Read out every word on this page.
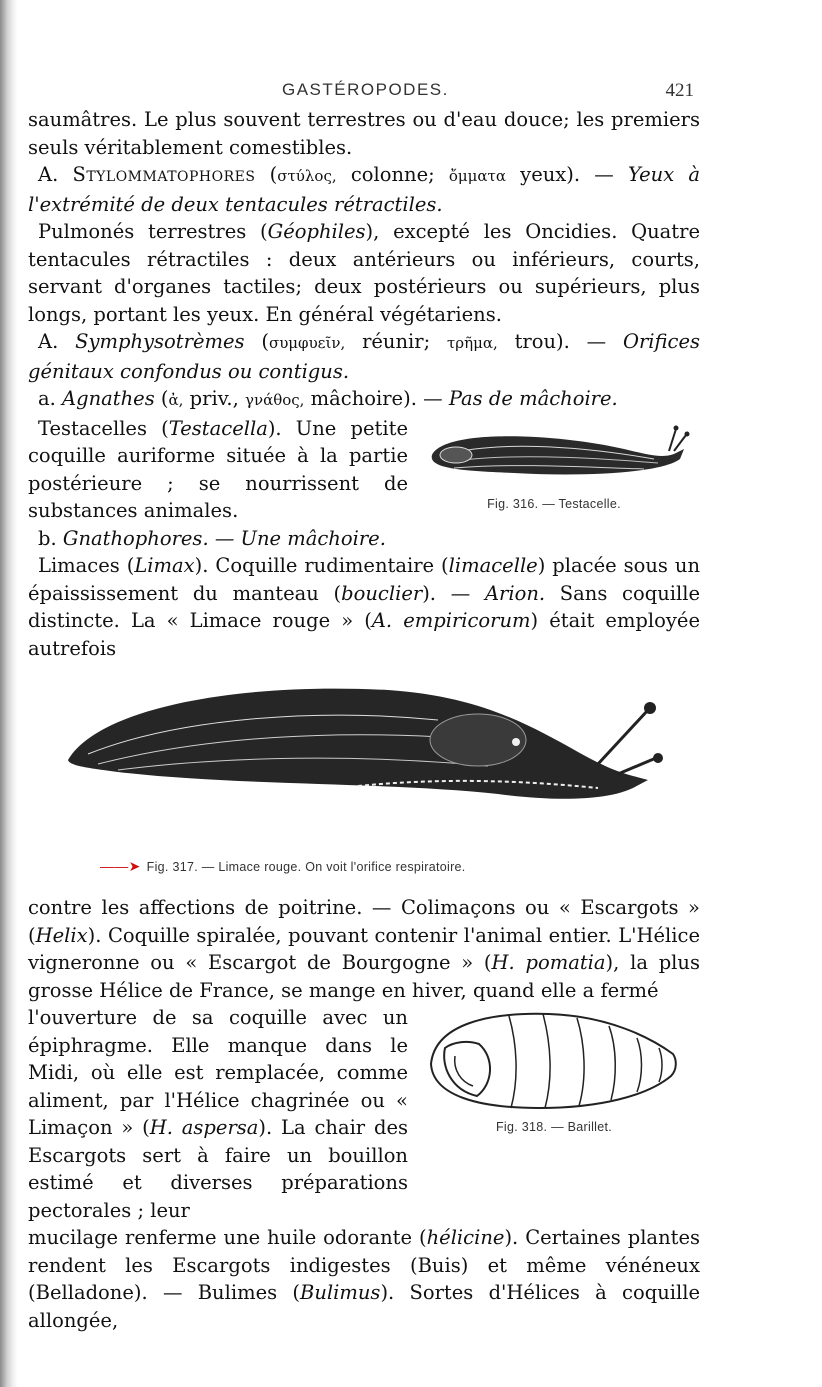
GASTÉROPODES.	421

saumâtres. Le plus souvent terrestres ou d'eau douce; les premiers seuls véritablement comestibles.

A. Stylommatophores (στύλος, colonne; ὄμματα yeux). — Yeux à l'extrémité de deux tentacules rétractiles.

Pulmonés terrestres (Géophiles), excepté les Oncidies. Quatre tentacules rétractiles : deux antérieurs ou inférieurs, courts, servant d'organes tactiles; deux postérieurs ou supérieurs, plus longs, portant les yeux. En général végétariens.

A. Symphysotrèmes (συμφυεῖν, réunir; τρῆμα, trou). — Orifices génitaux confondus ou contigus.

a. Agnathes (ἀ, priv., γνάθος, mâchoire). — Pas de mâchoire.

Testacelles (Testacella). Une petite coquille auriforme située à la partie postérieure ; se nourrissent de substances animales.	Fig. 316. — Testacelle.

b. Gnathophores. — Une mâchoire.

Limaces (Limax). Coquille rudimentaire (limacelle) placée sous un épaississement du manteau (bouclier). — Arion. Sans coquille distincte. La « Limace rouge » (A. empiricorum) était employée autrefois

——➤ Fig. 317. — Limace rouge. On voit l'orifice respiratoire.

contre les affections de poitrine. — Colimaçons ou « Escargots » (Helix). Coquille spiralée, pouvant contenir l'animal entier. L'Hélice vigneronne ou « Escargot de Bourgogne » (H. pomatia), la plus grosse Hélice de France, se mange en hiver, quand elle a fermé

l'ouverture de sa coquille avec un épiphragme. Elle manque dans le Midi, où elle est remplacée, comme aliment, par l'Hélice chagrinée ou « Limaçon » (H. aspersa). La chair des Escargots sert à faire un bouillon estimé et diverses préparations pectorales ; leur

Fig. 318. — Barillet.

mucilage renferme une huile odorante (hélicine). Certaines plantes rendent les Escargots indigestes (Buis) et même vénéneux (Belladone). — Bulimes (Bulimus). Sortes d'Hélices à coquille allongée,
